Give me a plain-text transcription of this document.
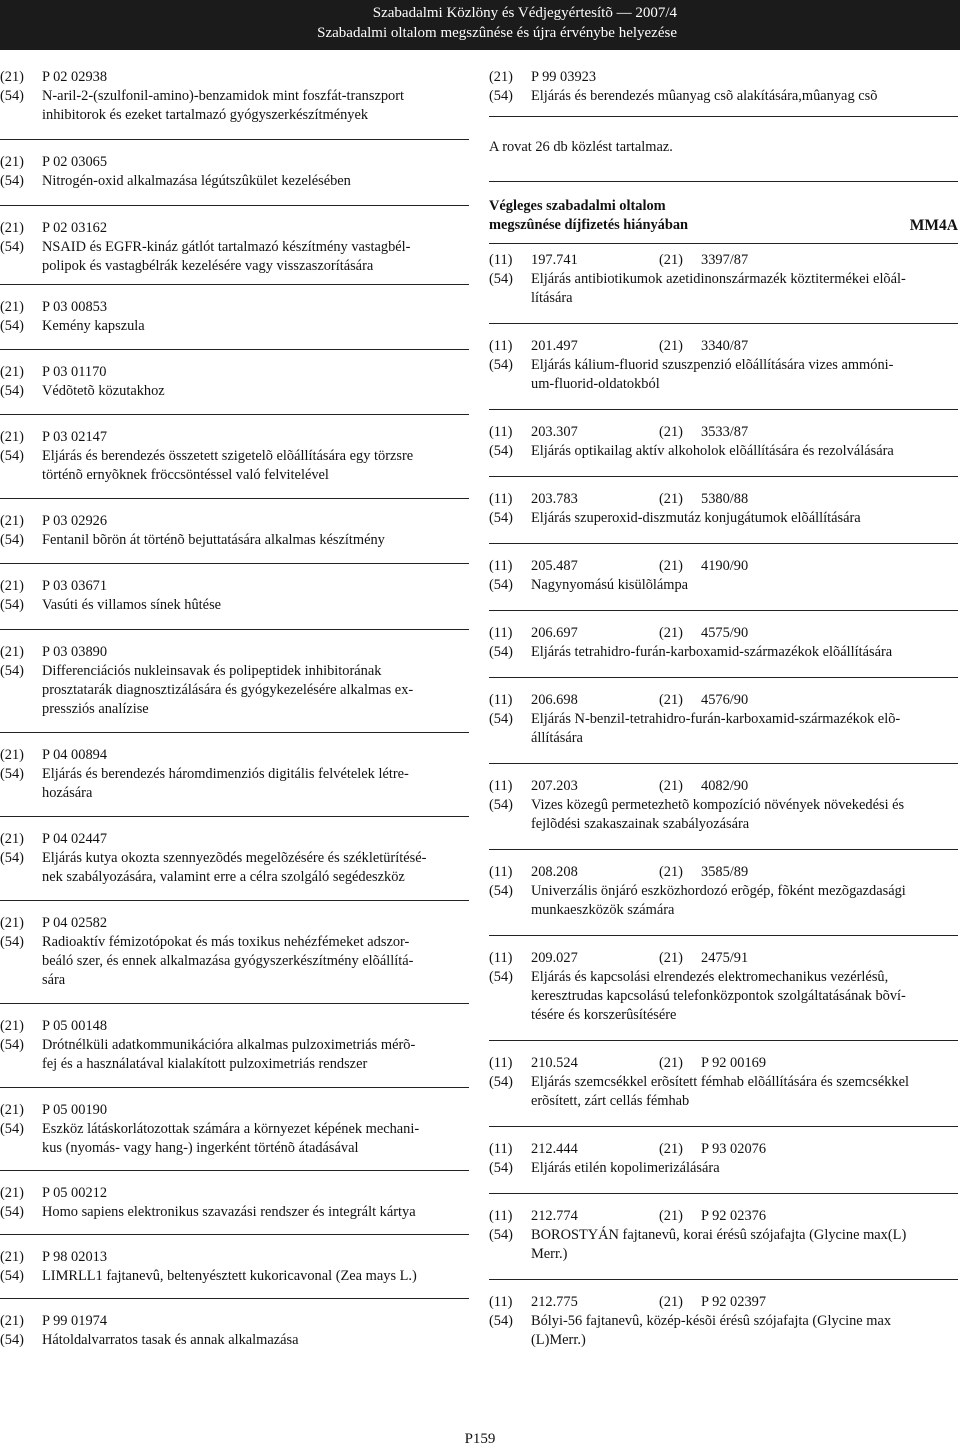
Szabadalmi Közlöny és Védjegyértesítõ — 2007/4
Szabadalmi oltalom megszûnése és újra érvénybe helyezése
(21)	P 02 02938
(54)	N-aril-2-(szulfonil-amino)-benzamidok mint foszfát-transzport
inhibitorok és ezeket tartalmazó gyógyszerkészítmények
(21)	P 02 03065
(54)	Nitrogén-oxid alkalmazása légútszûkület kezelésében
(21)	P 02 03162
(54)	NSAID és EGFR-kináz gátlót tartalmazó készítmény vastagbél-
polipok és vastagbélrák kezelésére vagy visszaszorítására
(21)	P 03 00853
(54)	Kemény kapszula
(21)	P 03 01170
(54)	Védõtetõ közutakhoz
(21)	P 03 02147
(54)	Eljárás és berendezés összetett szigetelõ elõállítására egy törzsre
történõ ernyõknek fröccsöntéssel való felvitelével
(21)	P 03 02926
(54)	Fentanil bõrön át történõ bejuttatására alkalmas készítmény
(21)	P 03 03671
(54)	Vasúti és villamos sínek hûtése
(21)	P 03 03890
(54)	Differenciációs nukleinsavak és polipeptidek inhibitorának
prosztatarák diagnosztizálására és gyógykezelésére alkalmas ex-
pressziós analízise
(21)	P 04 00894
(54)	Eljárás és berendezés háromdimenziós digitális felvételek létre-
hozására
(21)	P 04 02447
(54)	Eljárás kutya okozta szennyezõdés megelõzésére és székletürítésé-
nek szabályozására, valamint erre a célra szolgáló segédeszköz
(21)	P 04 02582
(54)	Radioaktív fémizotópokat és más toxikus nehézfémeket adszor-
beáló szer, és ennek alkalmazása gyógyszerkészítmény elõállítá-
sára
(21)	P 05 00148
(54)	Drótnélküli adatkommunikációra alkalmas pulzoximetriás mérõ-
fej és a használatával kialakított pulzoximetriás rendszer
(21)	P 05 00190
(54)	Eszköz látáskorlátozottak számára a környezet képének mechani-
kus (nyomás- vagy hang-) ingerként történõ átadásával
(21)	P 05 00212
(54)	Homo sapiens elektronikus szavazási rendszer és integrált kártya
(21)	P 98 02013
(54)	LIMRLL1 fajtanevû, beltenyésztett kukoricavonal (Zea mays L.)
(21)	P 99 01974
(54)	Hátoldalvarratos tasak és annak alkalmazása
(21)	P 99 03923
(54)	Eljárás és berendezés mûanyag csõ alakítására,mûanyag csõ

A rovat 26 db közlést tartalmaz.

Végleges szabadalmi oltalom
megszûnése díjfizetés hiányában	MM4A
(11)	197.741	(21)	3397/87
(54)	Eljárás antibiotikumok azetidinonszármazék köztitermékei elõál-
lítására
(11)	201.497	(21)	3340/87
(54)	Eljárás kálium-fluorid szuszpenzió elõállítására vizes ammóni-
um-fluorid-oldatokból
(11)	203.307	(21)	3533/87
(54)	Eljárás optikailag aktív alkoholok elõállítására és rezolválására
(11)	203.783	(21)	5380/88
(54)	Eljárás szuperoxid-diszmutáz konjugátumok elõállítására
(11)	205.487	(21)	4190/90
(54)	Nagynyomású kisülõlámpa
(11)	206.697	(21)	4575/90
(54)	Eljárás tetrahidro-furán-karboxamid-származékok elõállítására
(11)	206.698	(21)	4576/90
(54)	Eljárás N-benzil-tetrahidro-furán-karboxamid-származékok elõ-
állítására
(11)	207.203	(21)	4082/90
(54)	Vizes közegû permetezhetõ kompozíció növények növekedési és
fejlõdési szakaszainak szabályozására
(11)	208.208	(21)	3585/89
(54)	Univerzális önjáró eszközhordozó erõgép, fõként mezõgazdasági
munkaeszközök számára
(11)	209.027	(21)	2475/91
(54)	Eljárás és kapcsolási elrendezés elektromechanikus vezérlésû,
keresztrudas kapcsolású telefonközpontok szolgáltatásának bõví-
tésére és korszerûsítésére
(11)	210.524	(21)	P 92 00169
(54)	Eljárás szemcsékkel erõsített fémhab elõállítására és szemcsékkel
erõsített, zárt cellás fémhab
(11)	212.444	(21)	P 93 02076
(54)	Eljárás etilén kopolimerizálására
(11)	212.774	(21)	P 92 02376
(54)	BOROSTYÁN fajtanevû, korai érésû szójafajta (Glycine max(L)
Merr.)
(11)	212.775	(21)	P 92 02397
(54)	Bólyi-56 fajtanevû, közép-késõi érésû szójafajta (Glycine max
(L)Merr.)
P159
